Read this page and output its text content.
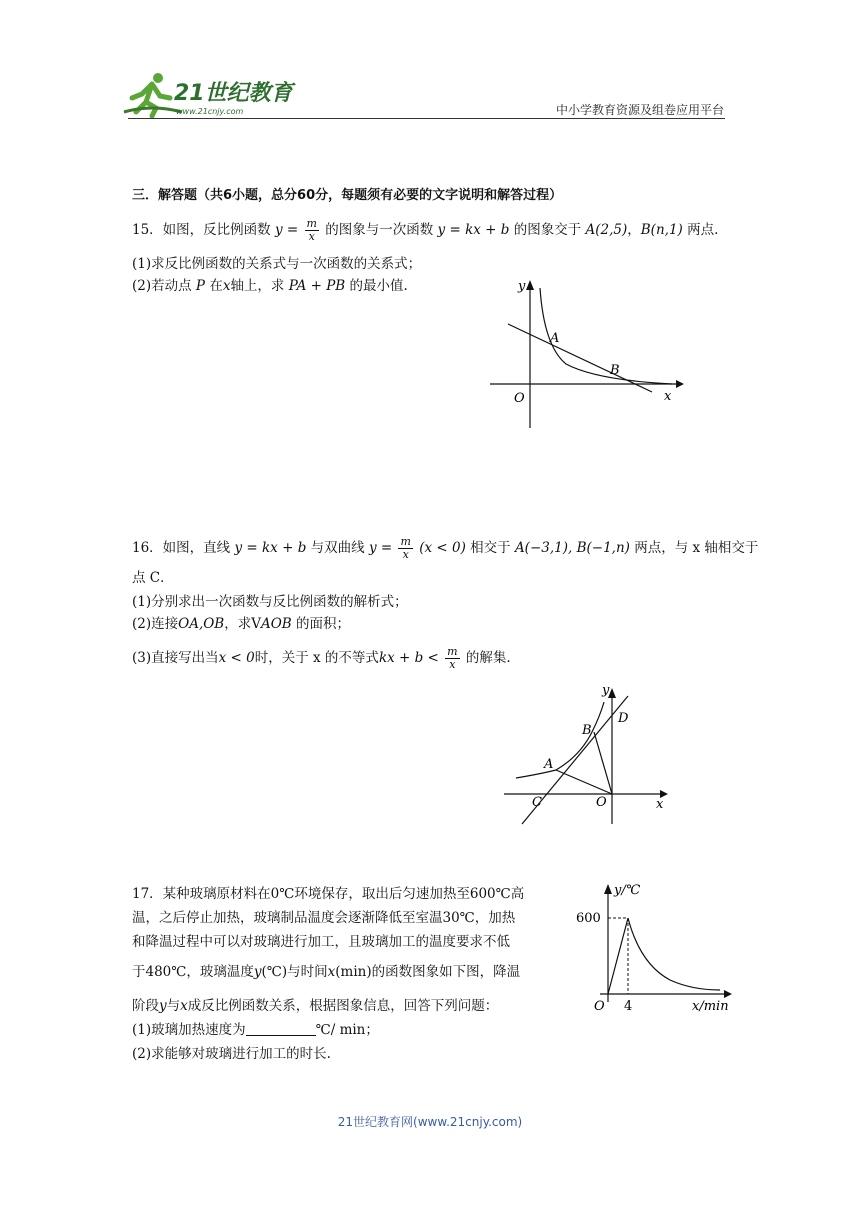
21世纪教育
www.21cnjy.com	中小学教育资源及组卷应用平台
三．解答题（共6小题，总分60分，每题须有必要的文字说明和解答过程）
15．如图，反比例函数 $y = \frac{m}{x}$ 的图象与一次函数 y = kx + b 的图象交于 A(2,5)，B(n,1) 两点.
(1)求反比例函数的关系式与一次函数的关系式；
(2)若动点 P 在x轴上，求 PA + PB 的最小值.	y
x
O
A
B
16．如图，直线 y = kx + b 与双曲线 $y = \frac{m}{x} (x < 0)$ 相交于 A(−3,1), B(−1,n) 两点，与 x 轴相交于
点 C．
(1)分别求出一次函数与反比例函数的解析式；
(2)连接OA,OB，求VAOB 的面积；
(3)直接写出当x < 0时，关于 x 的不等式kx + $b < \frac{m}{x}$ 的解集.
y
x
O
A
B
C
D
17．某种玻璃原材料在0℃环境保存，取出后匀速加热至600℃高
温，之后停止加热，玻璃制品温度会逐渐降低至室温30℃，加热
和降温过程中可以对玻璃进行加工，且玻璃加工的温度要求不低
于480℃，玻璃温度y(℃)与时间x(min)的函数图象如下图，降温
阶段y与x成反比例函数关系，根据图象信息，回答下列问题：
(1)玻璃加热速度为	℃/ min；
(2)求能够对玻璃进行加工的时长.
y/℃
x/min
O
600
4
21世纪教育网(www.21cnjy.com)
